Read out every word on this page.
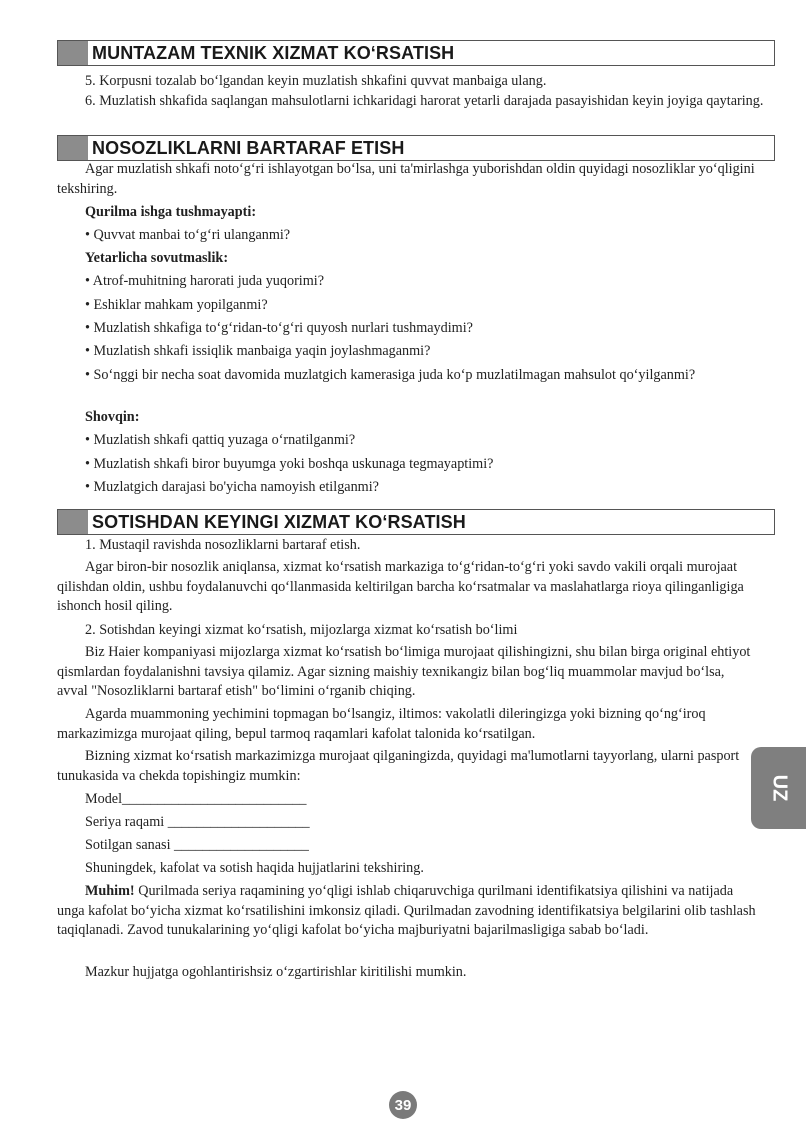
MUNTAZAM TEXNIK XIZMAT KO‘RSATISH
5. Korpusni tozalab bo‘lgandan keyin muzlatish shkafini quvvat manbaiga ulang.
6. Muzlatish shkafida saqlangan mahsulotlarni ichkaridagi harorat yetarli darajada pasayishidan keyin joyiga qaytaring.
NOSOZLIKLARNI BARTARAF ETISH
Agar muzlatish shkafi noto‘g‘ri ishlayotgan bo‘lsa, uni ta'mirlashga yuborishdan oldin quyidagi nosozliklar yo‘qligini tekshiring.
Qurilma ishga tushmayapti:
• Quvvat manbai to‘g‘ri ulanganmi?
Yetarlicha sovutmaslik:
• Atrof-muhitning harorati juda yuqorimi?
• Eshiklar mahkam yopilganmi?
• Muzlatish shkafiga to‘g‘ridan-to‘g‘ri quyosh nurlari tushmaydimi?
• Muzlatish shkafi issiqlik manbaiga yaqin joylashmaganmi?
• So‘nggi bir necha soat davomida muzlatgich kamerasiga juda ko‘p muzlatilmagan mahsulot qo‘yilganmi?
Shovqin:
• Muzlatish shkafi qattiq yuzaga o‘rnatilganmi?
• Muzlatish shkafi biror buyumga yoki boshqa uskunaga tegmayaptimi?
• Muzlatgich darajasi bo'yicha namoyish etilganmi?
SOTISHDAN KEYINGI XIZMAT KO‘RSATISH
1. Mustaqil ravishda nosozliklarni bartaraf etish.
Agar biron-bir nosozlik aniqlansa, xizmat ko‘rsatish markaziga to‘g‘ridan-to‘g‘ri yoki savdo vakili orqali murojaat qilishdan oldin, ushbu foydalanuvchi qo‘llanmasida keltirilgan barcha ko‘rsatmalar va maslahatlarga rioya qilinganligiga ishonch hosil qiling.
2. Sotishdan keyingi xizmat ko‘rsatish, mijozlarga xizmat ko‘rsatish bo‘limi
Biz Haier kompaniyasi mijozlarga xizmat ko‘rsatish bo‘limiga murojaat qilishingizni, shu bilan birga original ehtiyot qismlardan foydalanishni tavsiya qilamiz. Agar sizning maishiy texnikangiz bilan bog‘liq muammolar mavjud bo‘lsa, avval "Nosozliklarni bartaraf etish" bo‘limini o‘rganib chiqing.
Agarda muammoning yechimini topmagan bo‘lsangiz, iltimos: vakolatli dileringizga yoki bizning qo‘ng‘iroq markazimizga murojaat qiling, bepul tarmoq raqamlari kafolat talonida ko‘rsatilgan.
Bizning xizmat ko‘rsatish markazimizga murojaat qilganingizda, quyidagi ma'lumotlarni tayyorlang, ularni pasport tunukasida va chekda topishingiz mumkin:
Model__________________________
Seriya raqami ____________________
Sotilgan sanasi ___________________
Shuningdek, kafolat va sotish haqida hujjatlarini tekshiring.
Muhim! Qurilmada seriya raqamining yo‘qligi ishlab chiqaruvchiga qurilmani identifikatsiya qilishini va natijada unga kafolat bo‘yicha xizmat ko‘rsatilishini imkonsiz qiladi. Qurilmadan zavodning identifikatsiya belgilarini olib tashlash taqiqlanadi. Zavod tunukalarining yo‘qligi kafolat bo‘yicha majburiyatni bajarilmasligiga sabab bo‘ladi.
Mazkur hujjatga ogohlantirishsiz o‘zgartirishlar kiritilishi mumkin.
UZ
39
